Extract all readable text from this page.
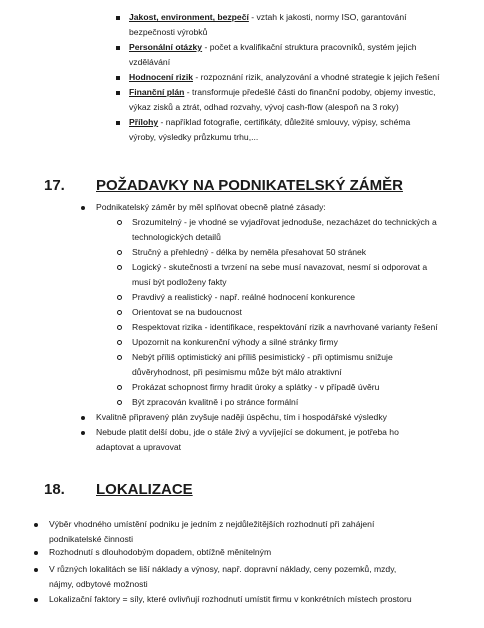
Jakost, environment, bezpečí - vztah k jakosti, normy ISO, garantování
bezpečnosti výrobků
Personální otázky - počet a kvalifikační struktura pracovníků, systém jejich
vzdělávání
Hodnocení rizik - rozpoznání rizik, analyzování a vhodné strategie k jejich řešení
Finanční plán - transformuje předešlé části do finanční podoby, objemy investic,
výkaz zisků a ztrát, odhad rozvahy, vývoj cash-flow (alespoň na 3 roky)
Přílohy - například fotografie, certifikáty, důležité smlouvy, výpisy, schéma
výroby, výsledky průzkumu trhu,...
17. POŽADAVKY NA PODNIKATELSKÝ ZÁMĚR
Podnikatelský záměr by měl splňovat obecně platné zásady:
Srozumitelný - je vhodné se vyjadřovat jednoduše, nezacházet do technických a
technologických detailů
Stručný a přehledný - délka by neměla přesahovat 50 stránek
Logický - skutečnosti a tvrzení na sebe musí navazovat, nesmí si odporovat a
musí být podloženy fakty
Pravdivý a realistický - např. reálné hodnocení konkurence
Orientovat se na budoucnost
Respektovat rizika - identifikace, respektování rizik a navrhované varianty řešení
Upozornit na konkurenční výhody a silné stránky firmy
Nebýt příliš optimistický ani příliš pesimistický - při optimismu snižuje
důvěryhodnost, při pesimismu může být málo atraktivní
Prokázat schopnost firmy hradit úroky a splátky - v případě úvěru
Být zpracován kvalitně i po stránce formální
Kvalitně připravený plán zvyšuje naději úspěchu, tím i hospodářské výsledky
Nebude platit delší dobu, jde o stále živý a vyvíjející se dokument, je potřeba ho
adaptovat a upravovat
18. LOKALIZACE
Výběr vhodného umístění podniku je jedním z nejdůležitějších rozhodnutí při zahájení
podnikatelské činnosti
Rozhodnutí s dlouhodobým dopadem, obtížně měnitelným
V různých lokalitách se liší náklady a výnosy, např. dopravní náklady, ceny pozemků, mzdy,
nájmy, odbytové možnosti
Lokalizační faktory = síly, které ovlivňují rozhodnutí umístit firmu v konkrétních místech prostoru
